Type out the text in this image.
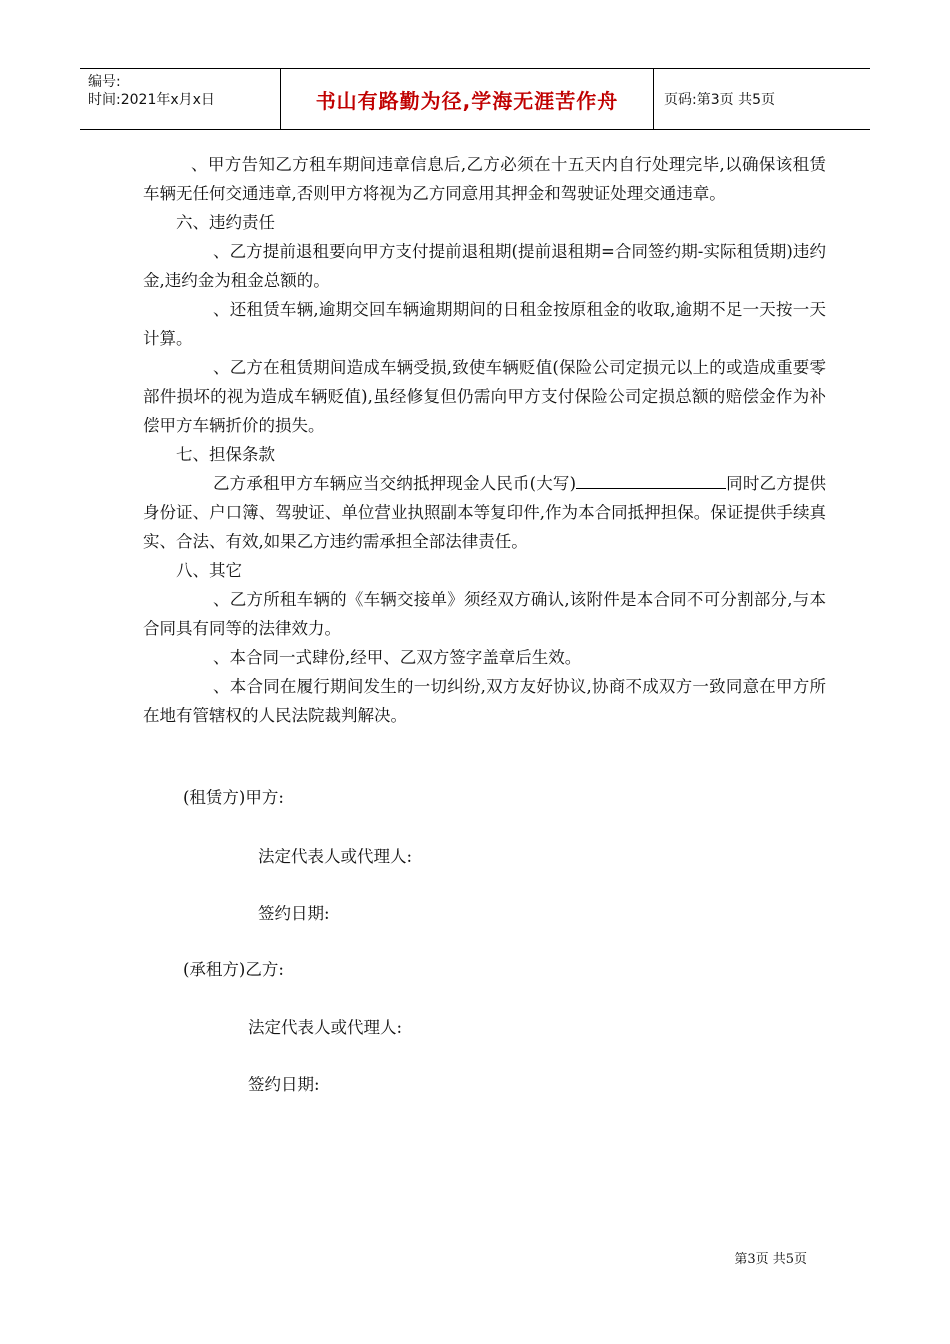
编号:
时间:2021年x月x日	书山有路勤为径,学海无涯苦作舟	页码:第3页 共5页

、甲方告知乙方租车期间违章信息后,乙方必须在十五天内自行处理完毕,以确保该租赁车辆无任何交通违章,否则甲方将视为乙方同意用其押金和驾驶证处理交通违章。

六、违约责任

、乙方提前退租要向甲方支付提前退租期(提前退租期=合同签约期-实际租赁期)违约金,违约金为租金总额的。

、还租赁车辆,逾期交回车辆逾期期间的日租金按原租金的收取,逾期不足一天按一天计算。

、乙方在租赁期间造成车辆受损,致使车辆贬值(保险公司定损元以上的或造成重要零部件损坏的视为造成车辆贬值),虽经修复但仍需向甲方支付保险公司定损总额的赔偿金作为补偿甲方车辆折价的损失。

七、担保条款

乙方承租甲方车辆应当交纳抵押现金人民币(大写)	同时乙方提供身份证、户口簿、驾驶证、单位营业执照副本等复印件,作为本合同抵押担保。保证提供手续真实、合法、有效,如果乙方违约需承担全部法律责任。

八、其它

、乙方所租车辆的《车辆交接单》须经双方确认,该附件是本合同不可分割部分,与本合同具有同等的法律效力。

、本合同一式肆份,经甲、乙双方签字盖章后生效。

、本合同在履行期间发生的一切纠纷,双方友好协议,协商不成双方一致同意在甲方所在地有管辖权的人民法院裁判解决。

(租赁方)甲方:
法定代表人或代理人:
签约日期:
(承租方)乙方:
法定代表人或代理人:
签约日期:
第3页 共5页
